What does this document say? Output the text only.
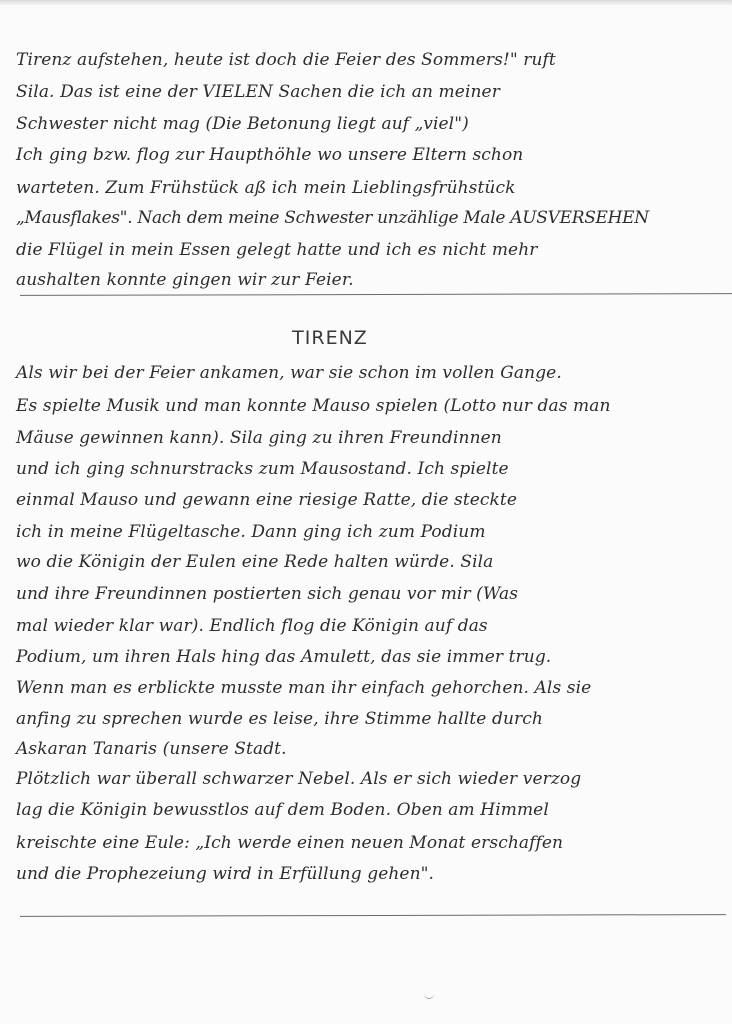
Tirenz aufstehen, heute ist doch die Feier des Sommers!" ruft
Sila. Das ist eine der VIELEN Sachen die ich an meiner
Schwester nicht mag (Die Betonung liegt auf „viel")
Ich ging bzw. flog zur Haupthöhle wo unsere Eltern schon
warteten. Zum Frühstück aß ich mein Lieblingsfrühstück
„Mausflakes". Nach dem meine Schwester unzählige Male AUSVERSEHEN
die Flügel in mein Essen gelegt hatte und ich es nicht mehr
aushalten konnte gingen wir zur Feier.
TIRENZ
Als wir bei der Feier ankamen, war sie schon im vollen Gange.
Es spielte Musik und man konnte Mauso spielen (Lotto nur das man
Mäuse gewinnen kann). Sila ging zu ihren Freundinnen
und ich ging schnurstracks zum Mausostand. Ich spielte
einmal Mauso und gewann eine riesige Ratte, die steckte
ich in meine Flügeltasche. Dann ging ich zum Podium
wo die Königin der Eulen eine Rede halten würde. Sila
und ihre Freundinnen postierten sich genau vor mir (Was
mal wieder klar war). Endlich flog die Königin auf das
Podium, um ihren Hals hing das Amulett, das sie immer trug.
Wenn man es erblickte musste man ihr einfach gehorchen. Als sie
anfing zu sprechen wurde es leise, ihre Stimme hallte durch
Askaran Tanaris (unsere Stadt.
Plötzlich war überall schwarzer Nebel. Als er sich wieder verzog
lag die Königin bewusstlos auf dem Boden. Oben am Himmel
kreischte eine Eule: „Ich werde einen neuen Monat erschaffen
und die Prophezeiung wird in Erfüllung gehen".
